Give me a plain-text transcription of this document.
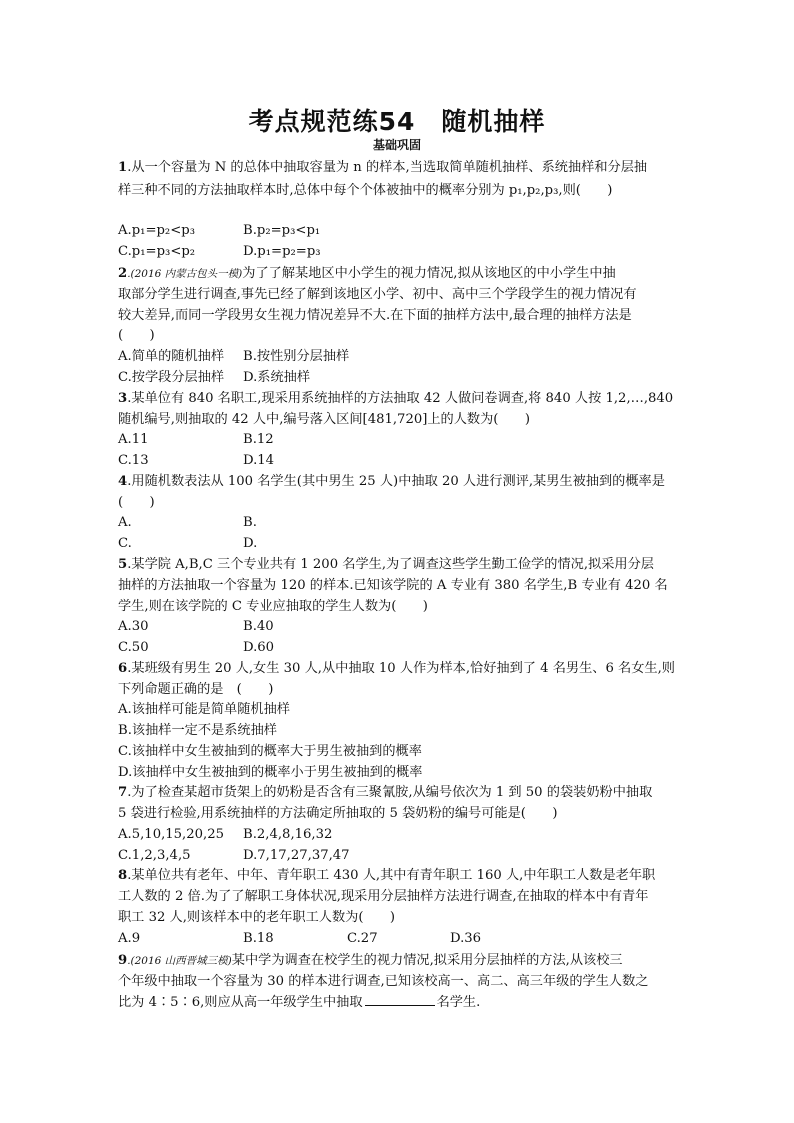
考点规范练54　随机抽样
基础巩固
1.从一个容量为 N 的总体中抽取容量为 n 的样本,当选取简单随机抽样、系统抽样和分层抽
样三种不同的方法抽取样本时,总体中每个个体被抽中的概率分别为 p₁,p₂,p₃,则(　　)
A.p₁=p₂<p₃	B.p₂=p₃<p₁
C.p₁=p₃<p₂	D.p₁=p₂=p₃
2.(2016 内蒙古包头一模)为了了解某地区中小学生的视力情况,拟从该地区的中小学生中抽
取部分学生进行调查,事先已经了解到该地区小学、初中、高中三个学段学生的视力情况有
较大差异,而同一学段男女生视力情况差异不大.在下面的抽样方法中,最合理的抽样方法是
(　　)
A.简单的随机抽样 B.按性别分层抽样
C.按学段分层抽样 D.系统抽样
3.某单位有 840 名职工,现采用系统抽样的方法抽取 42 人做问卷调查,将 840 人按 1,2,…,840
随机编号,则抽取的 42 人中,编号落入区间[481,720]上的人数为(　　)
A.11	B.12
C.13	D.14
4.用随机数表法从 100 名学生(其中男生 25 人)中抽取 20 人进行测评,某男生被抽到的概率是
(　　)
A.	B.
C.	D.
5.某学院 A,B,C 三个专业共有 1 200 名学生,为了调查这些学生勤工俭学的情况,拟采用分层
抽样的方法抽取一个容量为 120 的样本.已知该学院的 A 专业有 380 名学生,B 专业有 420 名
学生,则在该学院的 C 专业应抽取的学生人数为(　　)
A.30	B.40
C.50	D.60
6.某班级有男生 20 人,女生 30 人,从中抽取 10 人作为样本,恰好抽到了 4 名男生、6 名女生,则
下列命题正确的是　(　　)
A.该抽样可能是简单随机抽样
B.该抽样一定不是系统抽样
C.该抽样中女生被抽到的概率大于男生被抽到的概率
D.该抽样中女生被抽到的概率小于男生被抽到的概率
7.为了检查某超市货架上的奶粉是否含有三聚氰胺,从编号依次为 1 到 50 的袋装奶粉中抽取
5 袋进行检验,用系统抽样的方法确定所抽取的 5 袋奶粉的编号可能是(　　)
A.5,10,15,20,25 B.2,4,8,16,32
C.1,2,3,4,5	D.7,17,27,37,47
8.某单位共有老年、中年、青年职工 430 人,其中有青年职工 160 人,中年职工人数是老年职
工人数的 2 倍.为了了解职工身体状况,现采用分层抽样方法进行调查,在抽取的样本中有青年
职工 32 人,则该样本中的老年职工人数为(　　)
A.9	B.18	C.27	D.36
9.(2016 山西晋城三模)某中学为调查在校学生的视力情况,拟采用分层抽样的方法,从该校三
个年级中抽取一个容量为 30 的样本进行调查,已知该校高一、高二、高三年级的学生人数之
比为 4∶5∶6,则应从高一年级学生中抽取	名学生.
